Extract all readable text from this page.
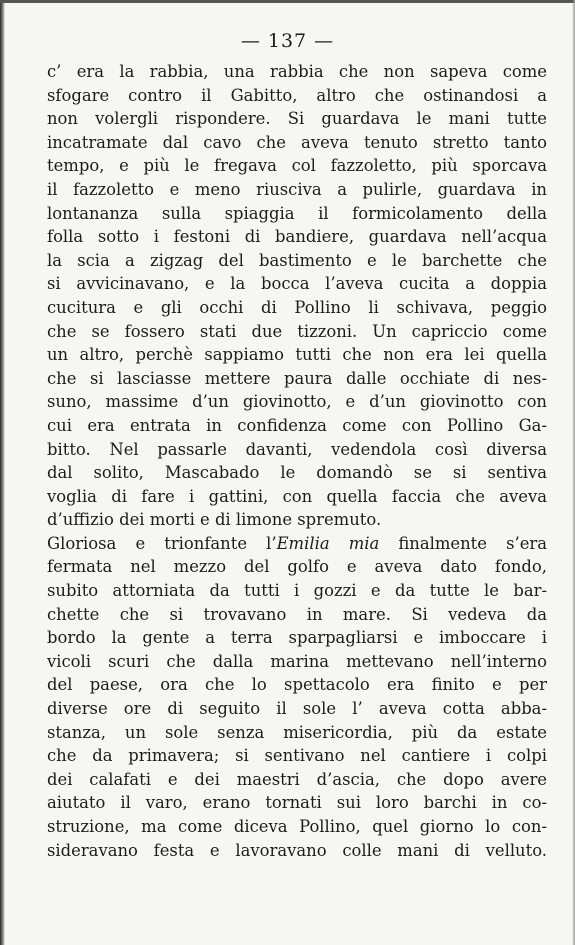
— 137 —
c’ era la rabbia, una rabbia che non sapeva come
sfogare contro il Gabitto, altro che ostinandosi a
non volergli rispondere. Si guardava le mani tutte
incatramate dal cavo che aveva tenuto stretto tanto
tempo, e più le fregava col fazzoletto, più sporcava
il fazzoletto e meno riusciva a pulirle, guardava in
lontananza sulla spiaggia il formicolamento della
folla sotto i festoni di bandiere, guardava nell’acqua
la scia a zigzag del bastimento e le barchette che
si avvicinavano, e la bocca l’aveva cucita a doppia
cucitura e gli occhi di Pollino li schivava, peggio
che se fossero stati due tizzoni. Un capriccio come
un altro, perchè sappiamo tutti che non era lei quella
che si lasciasse mettere paura dalle occhiate di nes-
suno, massime d’un giovinotto, e d’un giovinotto con
cui era entrata in confidenza come con Pollino Ga-
bitto. Nel passarle davanti, vedendola così diversa
dal solito, Mascabado le domandò se si sentiva
voglia di fare i gattini, con quella faccia che aveva
d’uffizio dei morti e di limone spremuto.
Gloriosa e trionfante l’Emilia mia finalmente s’era
fermata nel mezzo del golfo e aveva dato fondo,
subito attorniata da tutti i gozzi e da tutte le bar-
chette che si trovavano in mare. Si vedeva da
bordo la gente a terra sparpagliarsi e imboccare i
vicoli scuri che dalla marina mettevano nell’interno
del paese, ora che lo spettacolo era finito e per
diverse ore di seguito il sole l’ aveva cotta abba-
stanza, un sole senza misericordia, più da estate
che da primavera; si sentivano nel cantiere i colpi
dei calafati e dei maestri d’ascia, che dopo avere
aiutato il varo, erano tornati sui loro barchi in co-
struzione, ma come diceva Pollino, quel giorno lo con-
sideravano festa e lavoravano colle mani di velluto.
